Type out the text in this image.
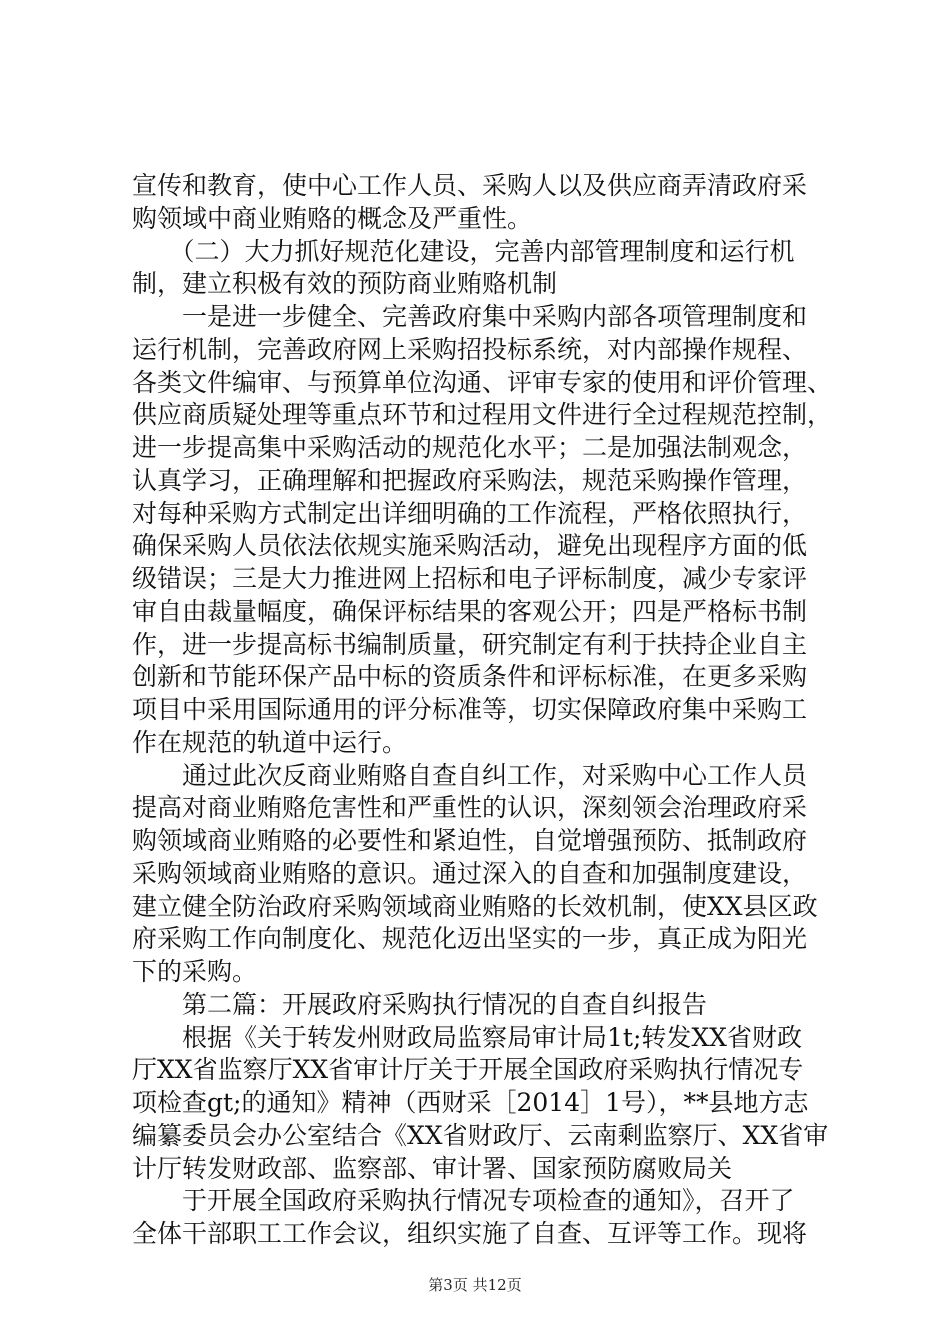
宣传和教育，使中心工作人员、采购人以及供应商弄清政府采
购领域中商业贿赂的概念及严重性。
　　（二）大力抓好规范化建设，完善内部管理制度和运行机
制，建立积极有效的预防商业贿赂机制
　　一是进一步健全、完善政府集中采购内部各项管理制度和
运行机制，完善政府网上采购招投标系统，对内部操作规程、
各类文件编审、与预算单位沟通、评审专家的使用和评价管理、
供应商质疑处理等重点环节和过程用文件进行全过程规范控制，
进一步提高集中采购活动的规范化水平；二是加强法制观念，
认真学习，正确理解和把握政府采购法，规范采购操作管理，
对每种采购方式制定出详细明确的工作流程，严格依照执行，
确保采购人员依法依规实施采购活动，避免出现程序方面的低
级错误；三是大力推进网上招标和电子评标制度，减少专家评
审自由裁量幅度，确保评标结果的客观公开；四是严格标书制
作，进一步提高标书编制质量，研究制定有利于扶持企业自主
创新和节能环保产品中标的资质条件和评标标准，在更多采购
项目中采用国际通用的评分标准等，切实保障政府集中采购工
作在规范的轨道中运行。
　　通过此次反商业贿赂自查自纠工作，对采购中心工作人员
提高对商业贿赂危害性和严重性的认识，深刻领会治理政府采
购领域商业贿赂的必要性和紧迫性，自觉增强预防、抵制政府
采购领域商业贿赂的意识。通过深入的自查和加强制度建设，
建立健全防治政府采购领域商业贿赂的长效机制，使XX县区政
府采购工作向制度化、规范化迈出坚实的一步，真正成为阳光
下的采购。
　　第二篇：开展政府采购执行情况的自查自纠报告
　　根据《关于转发州财政局监察局审计局1t;转发XX省财政
厅XX省监察厅XX省审计厅关于开展全国政府采购执行情况专
项检查gt;的通知》精神（西财采［2014］1号），**县地方志
编纂委员会办公室结合《XX省财政厅、云南剩监察厅、XX省审
计厅转发财政部、监察部、审计署、国家预防腐败局关
　　于开展全国政府采购执行情况专项检查的通知》，召开了
全体干部职工工作会议，组织实施了自查、互评等工作。现将
第3页 共12页
